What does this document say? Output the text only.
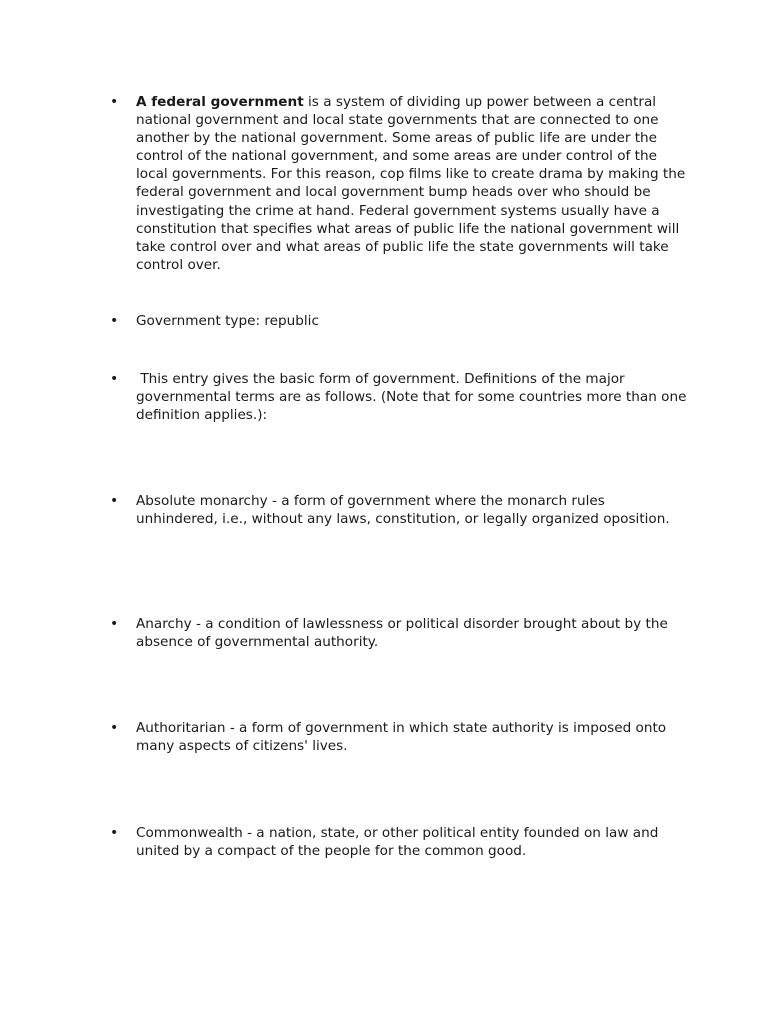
• A federal government is a system of dividing up power between a central national government and local state governments that are connected to one another by the national government. Some areas of public life are under the control of the national government, and some areas are under control of the local governments. For this reason, cop films like to create drama by making the federal government and local government bump heads over who should be investigating the crime at hand. Federal government systems usually have a constitution that specifies what areas of public life the national government will take control over and what areas of public life the state governments will take control over.
• Government type: republic
• This entry gives the basic form of government. Definitions of the major governmental terms are as follows. (Note that for some countries more than one definition applies.):
• Absolute monarchy - a form of government where the monarch rules unhindered, i.e., without any laws, constitution, or legally organized oposition.
• Anarchy - a condition of lawlessness or political disorder brought about by the absence of governmental authority.
• Authoritarian - a form of government in which state authority is imposed onto many aspects of citizens' lives.
• Commonwealth - a nation, state, or other political entity founded on law and united by a compact of the people for the common good.
